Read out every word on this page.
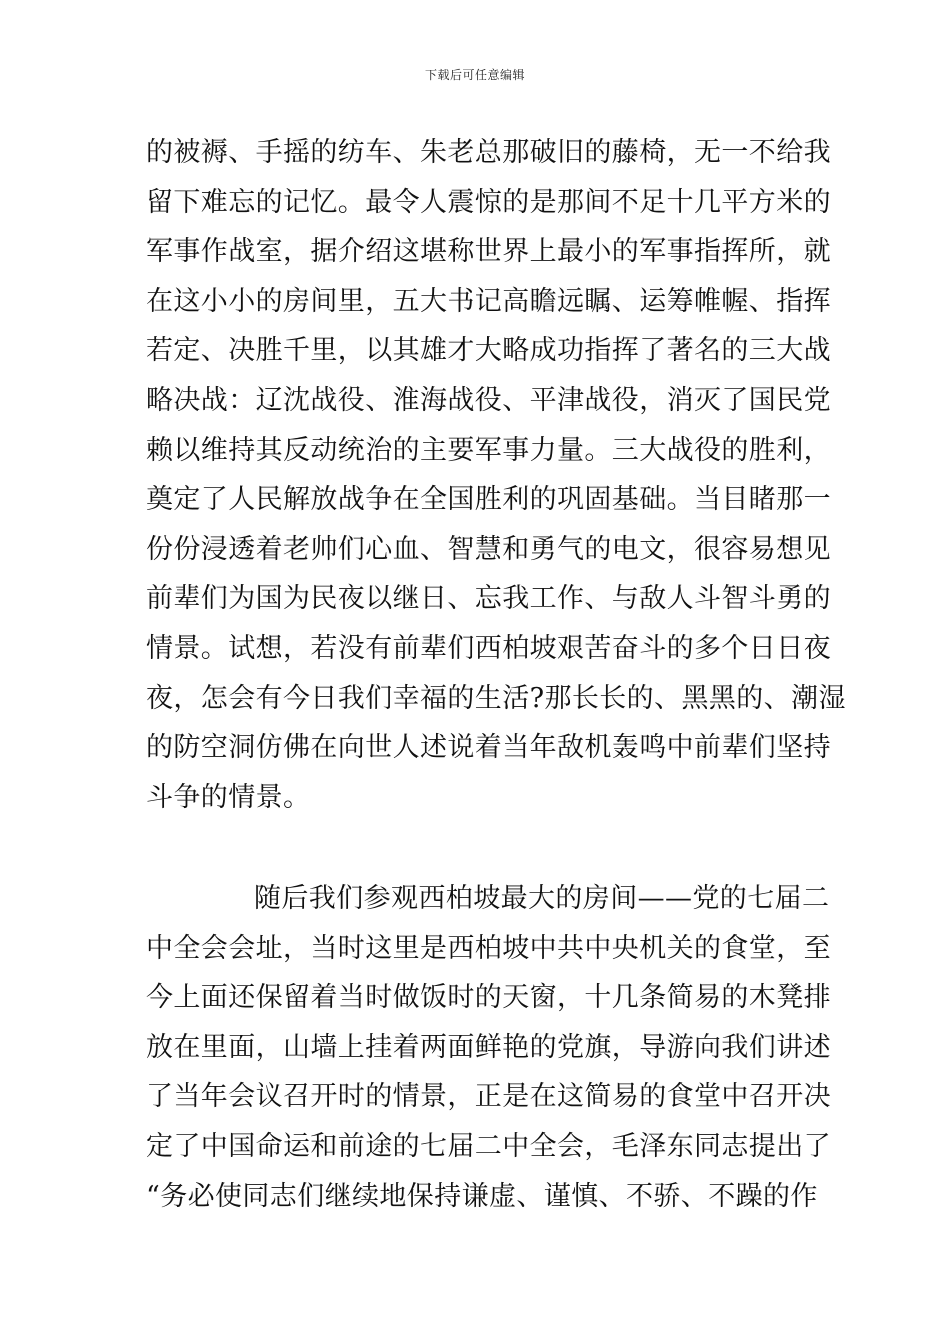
下载后可任意编辑
的被褥、手摇的纺车、朱老总那破旧的藤椅，无一不给我
留下难忘的记忆。最令人震惊的是那间不足十几平方米的
军事作战室，据介绍这堪称世界上最小的军事指挥所，就
在这小小的房间里，五大书记高瞻远瞩、运筹帷幄、指挥
若定、决胜千里，以其雄才大略成功指挥了著名的三大战
略决战：辽沈战役、淮海战役、平津战役，消灭了国民党
赖以维持其反动统治的主要军事力量。三大战役的胜利，
奠定了人民解放战争在全国胜利的巩固基础。当目睹那一
份份浸透着老帅们心血、智慧和勇气的电文，很容易想见
前辈们为国为民夜以继日、忘我工作、与敌人斗智斗勇的
情景。试想，若没有前辈们西柏坡艰苦奋斗的多个日日夜
夜，怎会有今日我们幸福的生活?那长长的、黑黑的、潮湿
的防空洞仿佛在向世人述说着当年敌机轰鸣中前辈们坚持
斗争的情景。
随后我们参观西柏坡最大的房间——党的七届二
中全会会址，当时这里是西柏坡中共中央机关的食堂，至
今上面还保留着当时做饭时的天窗，十几条简易的木凳排
放在里面，山墙上挂着两面鲜艳的党旗，导游向我们讲述
了当年会议召开时的情景，正是在这简易的食堂中召开决
定了中国命运和前途的七届二中全会，毛泽东同志提出了
“务必使同志们继续地保持谦虚、谨慎、不骄、不躁的作
